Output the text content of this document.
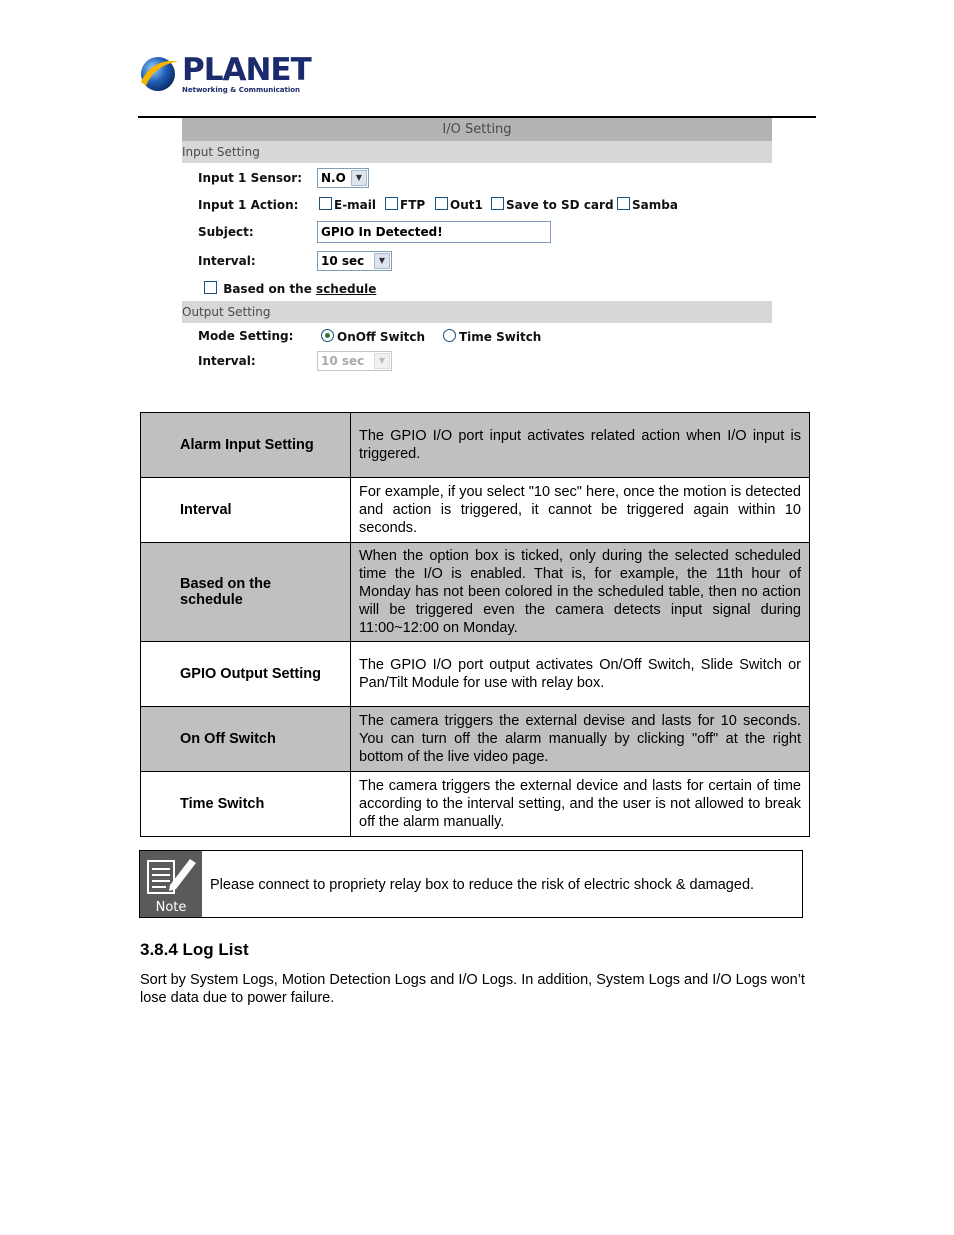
PLANET
Networking & Communication
I/O Setting
Input Setting
Input 1 Sensor:	N.O	▼
Input 1 Action:	E-mail	FTP	Out1	Save to SD card	Samba
Subject:	GPIO In Detected!
Interval:	10 sec	▼
Based on the schedule
Output Setting
Mode Setting:	OnOff Switch	Time Switch
Interval:	10 sec	▼
Alarm Input Setting	The GPIO I/O port input activates related action when I/O input is triggered.
Interval	For example, if you select "10 sec" here, once the motion is detected and action is triggered, it cannot be triggered again within 10 seconds.
Based on the schedule	When the option box is ticked, only during the selected scheduled time the I/O is enabled. That is, for example, the 11th hour of Monday has not been colored in the scheduled table, then no action will be triggered even the camera detects input signal during 11:00~12:00 on Monday.
GPIO Output Setting	The GPIO I/O port output activates On/Off Switch, Slide Switch or Pan/Tilt Module for use with relay box.
On Off Switch	The camera triggers the external devise and lasts for 10 seconds. You can turn off the alarm manually by clicking "off" at the right bottom of the live video page.
Time Switch	The camera triggers the external device and lasts for certain of time according to the interval setting, and the user is not allowed to break off the alarm manually.
Note
Please connect to propriety relay box to reduce the risk of electric shock & damaged.
3.8.4 Log List
Sort by System Logs, Motion Detection Logs and I/O Logs. In addition, System Logs and I/O Logs won’t lose data due to power failure.
